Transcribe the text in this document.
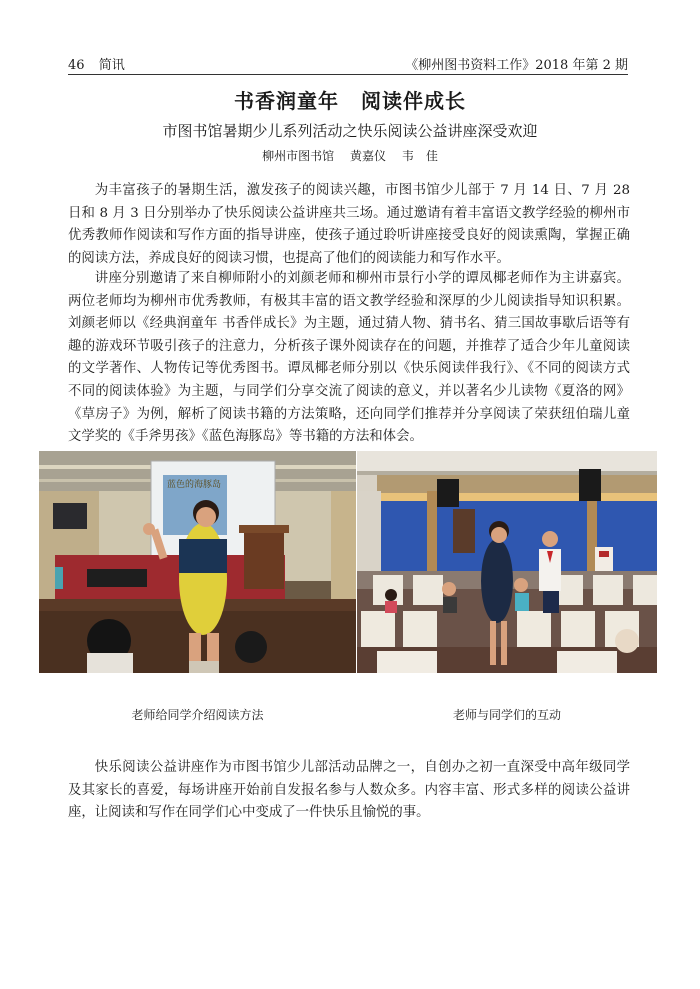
46 简讯	《柳州图书资料工作》2018 年第 2 期
书香润童年 阅读伴成长
市图书馆暑期少儿系列活动之快乐阅读公益讲座深受欢迎
柳州市图书馆 黄嘉仪 韦　佳

为丰富孩子的暑期生活，激发孩子的阅读兴趣，市图书馆少儿部于 7 月 14 日、7 月 28 日和 8 月 3 日分别举办了快乐阅读公益讲座共三场。通过邀请有着丰富语文教学经验的柳州市优秀教师作阅读和写作方面的指导讲座，使孩子通过聆听讲座接受良好的阅读熏陶，掌握正确的阅读方法，养成良好的阅读习惯，也提高了他们的阅读能力和写作水平。

讲座分别邀请了来自柳师附小的刘颜老师和柳州市景行小学的谭凤椰老师作为主讲嘉宾。两位老师均为柳州市优秀教师，有极其丰富的语文教学经验和深厚的少儿阅读指导知识积累。刘颜老师以《经典润童年 书香伴成长》为主题，通过猜人物、猜书名、猜三国故事歇后语等有趣的游戏环节吸引孩子的注意力，分析孩子课外阅读存在的问题，并推荐了适合少年儿童阅读的文学著作、人物传记等优秀图书。谭凤椰老师分别以《快乐阅读伴我行》、《不同的阅读方式 不同的阅读体验》为主题，与同学们分享交流了阅读的意义，并以著名少儿读物《夏洛的网》《草房子》为例，解析了阅读书籍的方法策略，还向同学们推荐并分享阅读了荣获纽伯瑞儿童文学奖的《手斧男孩》《蓝色海豚岛》等书籍的方法和体会。

蓝色的海豚岛
老师给同学介绍阅读方法	老师与同学们的互动

快乐阅读公益讲座作为市图书馆少儿部活动品牌之一，自创办之初一直深受中高年级同学及其家长的喜爱，每场讲座开始前自发报名参与人数众多。内容丰富、形式多样的阅读公益讲座，让阅读和写作在同学们心中变成了一件快乐且愉悦的事。
